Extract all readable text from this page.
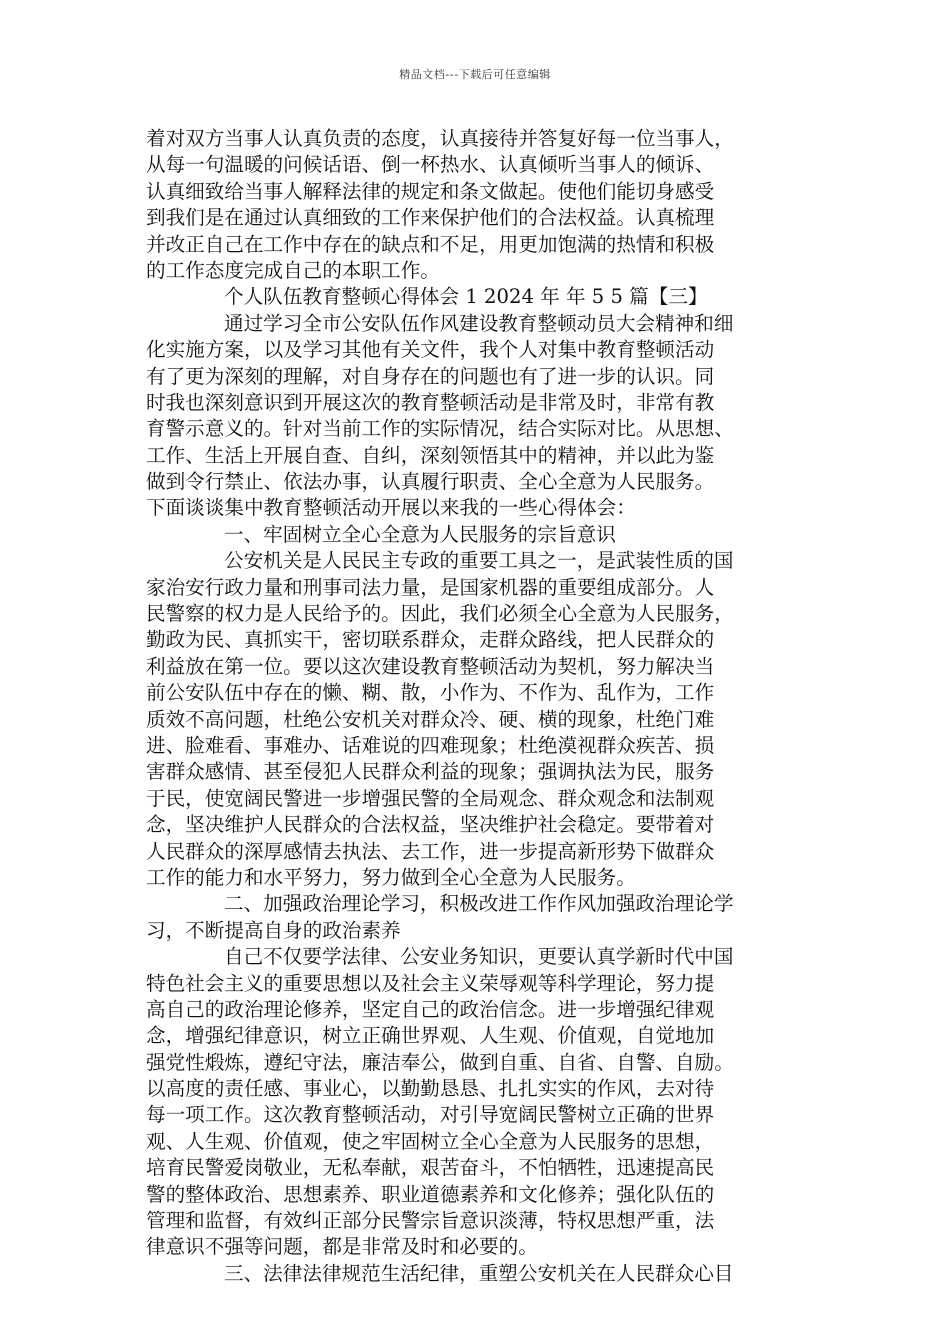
精品文档---下载后可任意编辑
着对双方当事人认真负责的态度，认真接待并答复好每一位当事人，
从每一句温暖的问候话语、倒一杯热水、认真倾听当事人的倾诉、
认真细致给当事人解释法律的规定和条文做起。使他们能切身感受
到我们是在通过认真细致的工作来保护他们的合法权益。认真梳理
并改正自己在工作中存在的缺点和不足，用更加饱满的热情和积极
的工作态度完成自己的本职工作。
个人队伍教育整顿心得体会 1 2024 年 年 5 5 篇【三】
通过学习全市公安队伍作风建设教育整顿动员大会精神和细
化实施方案，以及学习其他有关文件，我个人对集中教育整顿活动
有了更为深刻的理解，对自身存在的问题也有了进一步的认识。同
时我也深刻意识到开展这次的教育整顿活动是非常及时，非常有教
育警示意义的。针对当前工作的实际情况，结合实际对比。从思想、
工作、生活上开展自查、自纠，深刻领悟其中的精神，并以此为鉴
做到令行禁止、依法办事，认真履行职责、全心全意为人民服务。
下面谈谈集中教育整顿活动开展以来我的一些心得体会：
一、牢固树立全心全意为人民服务的宗旨意识
公安机关是人民民主专政的重要工具之一，是武装性质的国
家治安行政力量和刑事司法力量，是国家机器的重要组成部分。人
民警察的权力是人民给予的。因此，我们必须全心全意为人民服务，
勤政为民、真抓实干，密切联系群众，走群众路线，把人民群众的
利益放在第一位。要以这次建设教育整顿活动为契机，努力解决当
前公安队伍中存在的懒、糊、散，小作为、不作为、乱作为，工作
质效不高问题，杜绝公安机关对群众冷、硬、横的现象，杜绝门难
进、脸难看、事难办、话难说的四难现象；杜绝漠视群众疾苦、损
害群众感情、甚至侵犯人民群众利益的现象；强调执法为民，服务
于民，使宽阔民警进一步增强民警的全局观念、群众观念和法制观
念，坚决维护人民群众的合法权益，坚决维护社会稳定。要带着对
人民群众的深厚感情去执法、去工作，进一步提高新形势下做群众
工作的能力和水平努力，努力做到全心全意为人民服务。
二、加强政治理论学习，积极改进工作作风加强政治理论学
习，不断提高自身的政治素养
自己不仅要学法律、公安业务知识，更要认真学新时代中国
特色社会主义的重要思想以及社会主义荣辱观等科学理论，努力提
高自己的政治理论修养，坚定自己的政治信念。进一步增强纪律观
念，增强纪律意识，树立正确世界观、人生观、价值观，自觉地加
强党性煅炼，遵纪守法，廉洁奉公，做到自重、自省、自警、自励。
以高度的责任感、事业心，以勤勤恳恳、扎扎实实的作风，去对待
每一项工作。这次教育整顿活动，对引导宽阔民警树立正确的世界
观、人生观、价值观，使之牢固树立全心全意为人民服务的思想，
培育民警爱岗敬业，无私奉献，艰苦奋斗，不怕牺牲，迅速提高民
警的整体政治、思想素养、职业道德素养和文化修养；强化队伍的
管理和监督，有效纠正部分民警宗旨意识淡薄，特权思想严重，法
律意识不强等问题，都是非常及时和必要的。
三、法律法律规范生活纪律，重塑公安机关在人民群众心目
